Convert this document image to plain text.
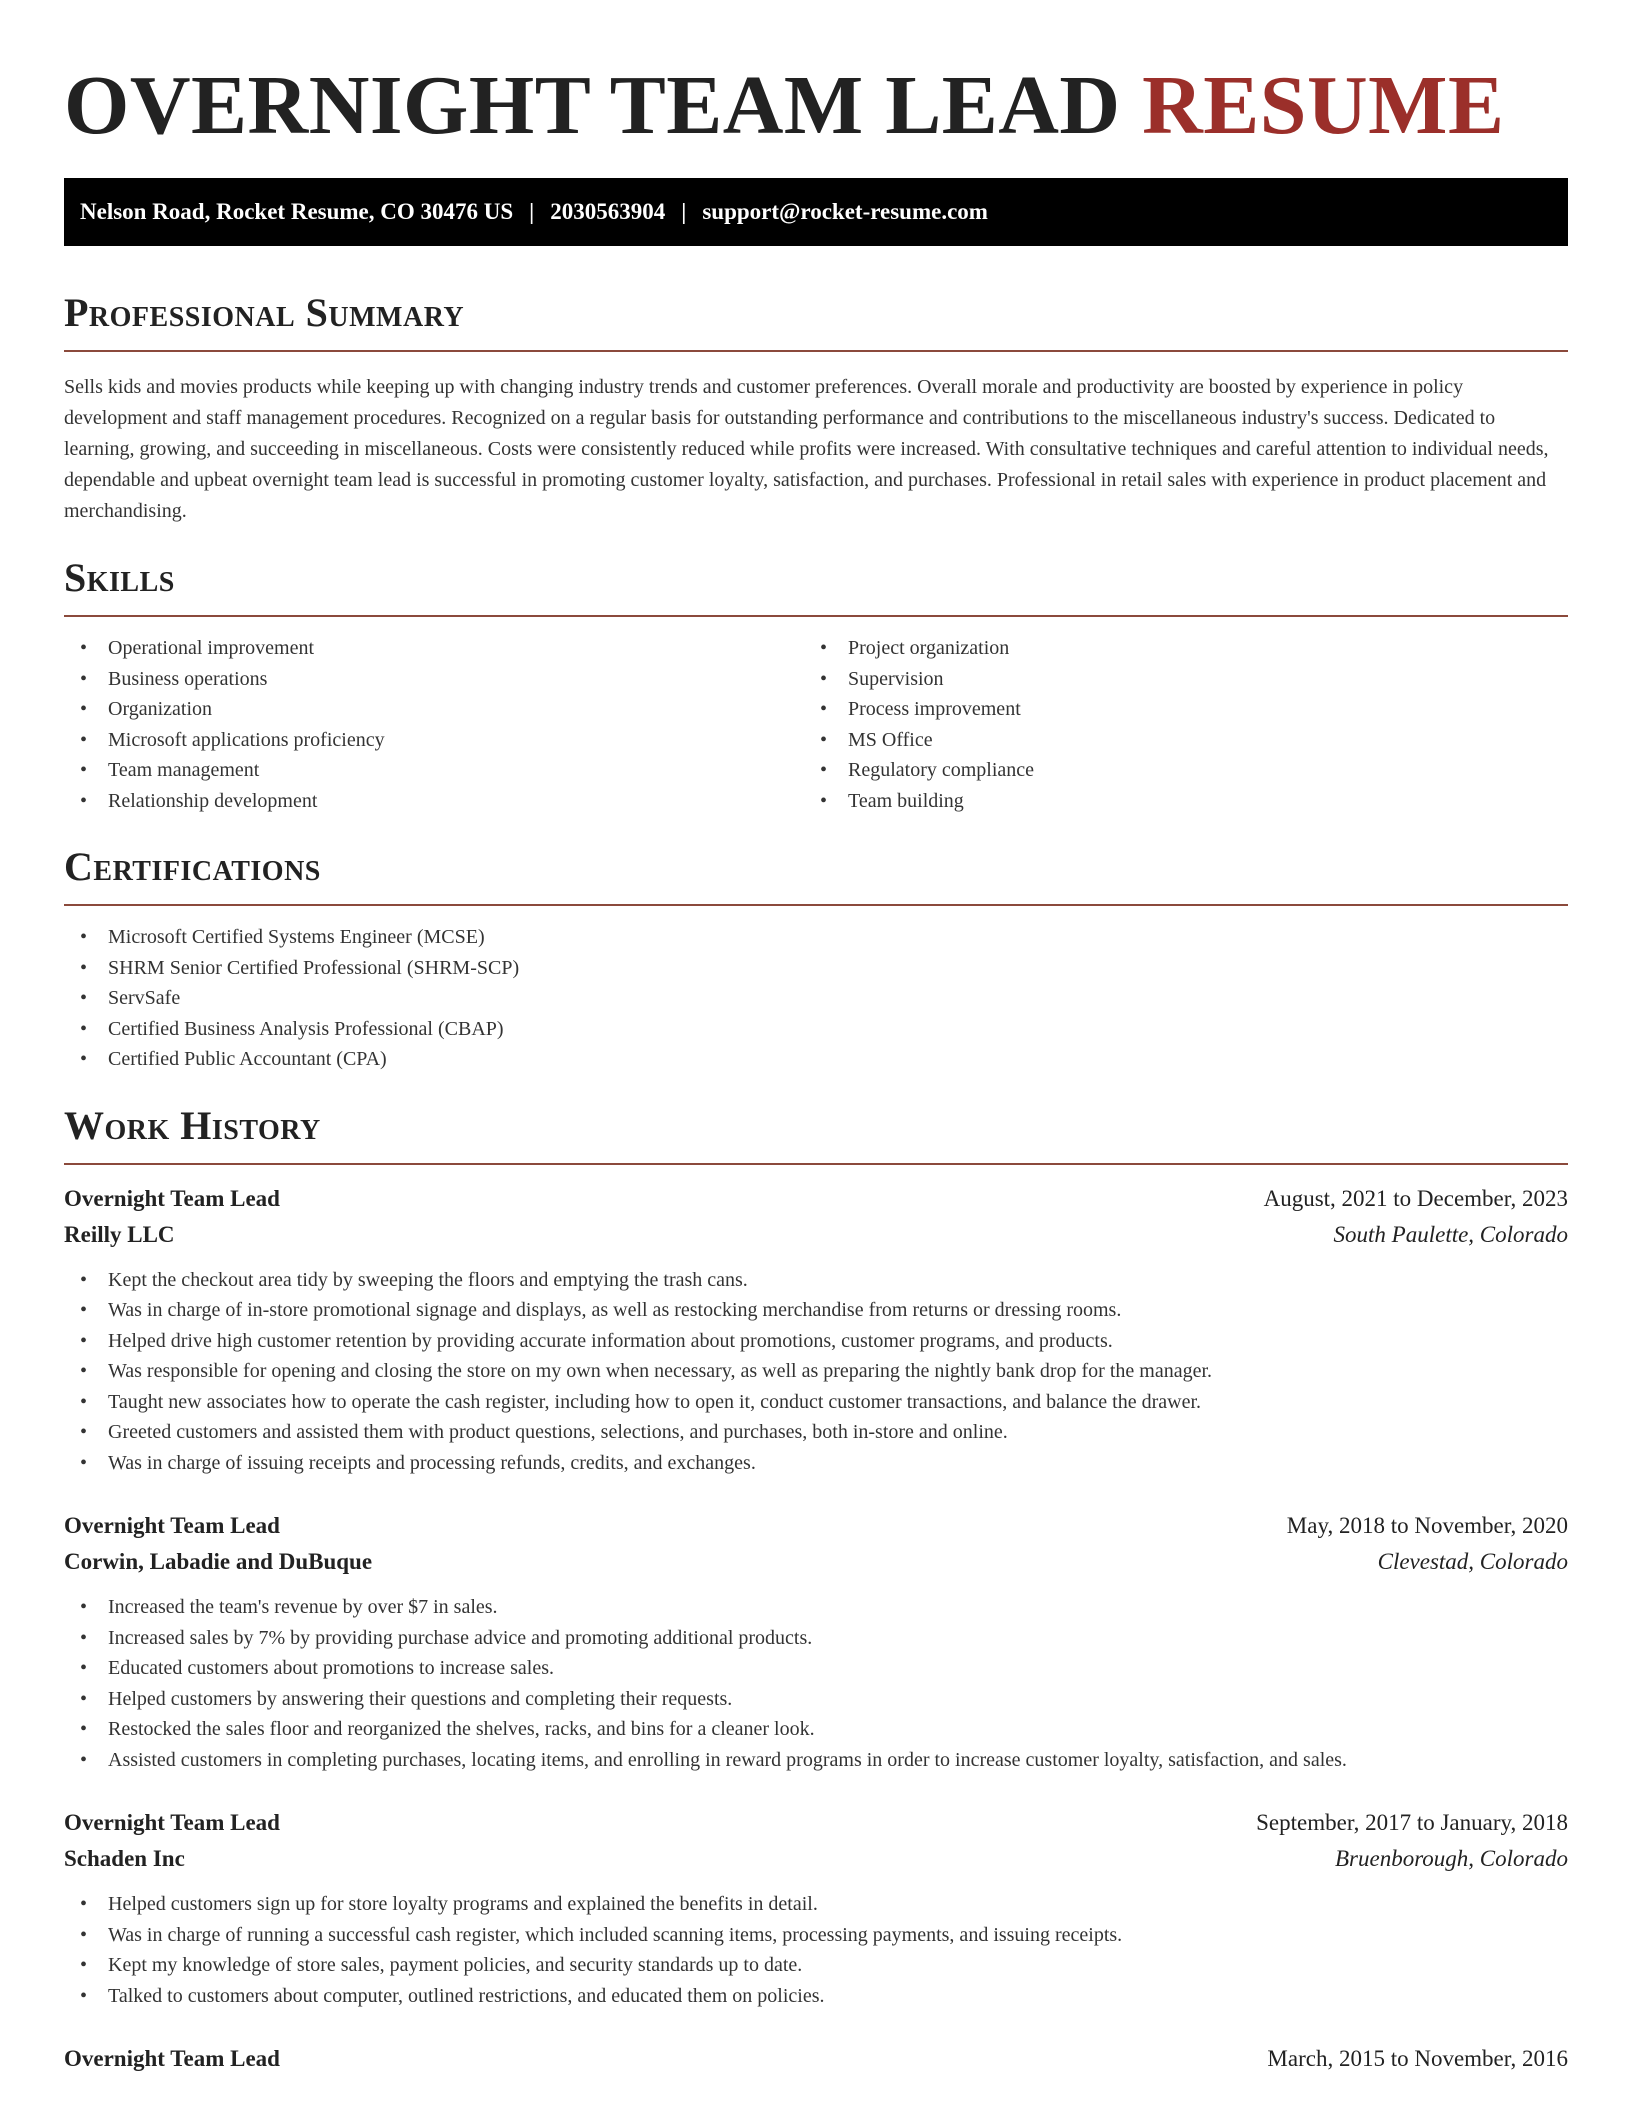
OVERNIGHT TEAM LEAD RESUME
Nelson Road, Rocket Resume, CO 30476 US | 2030563904 | support@rocket-resume.com
Professional Summary

Sells kids and movies products while keeping up with changing industry trends and customer preferences. Overall morale and productivity are boosted by experience in policy development and staff management procedures. Recognized on a regular basis for outstanding performance and contributions to the miscellaneous industry's success. Dedicated to learning, growing, and succeeding in miscellaneous. Costs were consistently reduced while profits were increased. With consultative techniques and careful attention to individual needs, dependable and upbeat overnight team lead is successful in promoting customer loyalty, satisfaction, and purchases. Professional in retail sales with experience in product placement and merchandising.

Skills
• Operational improvement
• Business operations
• Organization
• Microsoft applications proficiency
• Team management
• Relationship development
• Project organization
• Supervision
• Process improvement
• MS Office
• Regulatory compliance
• Team building
Certifications
• Microsoft Certified Systems Engineer (MCSE)
• SHRM Senior Certified Professional (SHRM-SCP)
• ServSafe
• Certified Business Analysis Professional (CBAP)
• Certified Public Accountant (CPA)
Work History
Overnight Team Lead	August, 2021 to December, 2023
Reilly LLC	South Paulette, Colorado
• Kept the checkout area tidy by sweeping the floors and emptying the trash cans.
• Was in charge of in-store promotional signage and displays, as well as restocking merchandise from returns or dressing rooms.
• Helped drive high customer retention by providing accurate information about promotions, customer programs, and products.
• Was responsible for opening and closing the store on my own when necessary, as well as preparing the nightly bank drop for the manager.
• Taught new associates how to operate the cash register, including how to open it, conduct customer transactions, and balance the drawer.
• Greeted customers and assisted them with product questions, selections, and purchases, both in-store and online.
• Was in charge of issuing receipts and processing refunds, credits, and exchanges.
Overnight Team Lead	May, 2018 to November, 2020
Corwin, Labadie and DuBuque	Clevestad, Colorado
• Increased the team's revenue by over $7 in sales.
• Increased sales by 7% by providing purchase advice and promoting additional products.
• Educated customers about promotions to increase sales.
• Helped customers by answering their questions and completing their requests.
• Restocked the sales floor and reorganized the shelves, racks, and bins for a cleaner look.
• Assisted customers in completing purchases, locating items, and enrolling in reward programs in order to increase customer loyalty, satisfaction, and sales.
Overnight Team Lead	September, 2017 to January, 2018
Schaden Inc	Bruenborough, Colorado
• Helped customers sign up for store loyalty programs and explained the benefits in detail.
• Was in charge of running a successful cash register, which included scanning items, processing payments, and issuing receipts.
• Kept my knowledge of store sales, payment policies, and security standards up to date.
• Talked to customers about computer, outlined restrictions, and educated them on policies.
Overnight Team Lead	March, 2015 to November, 2016
